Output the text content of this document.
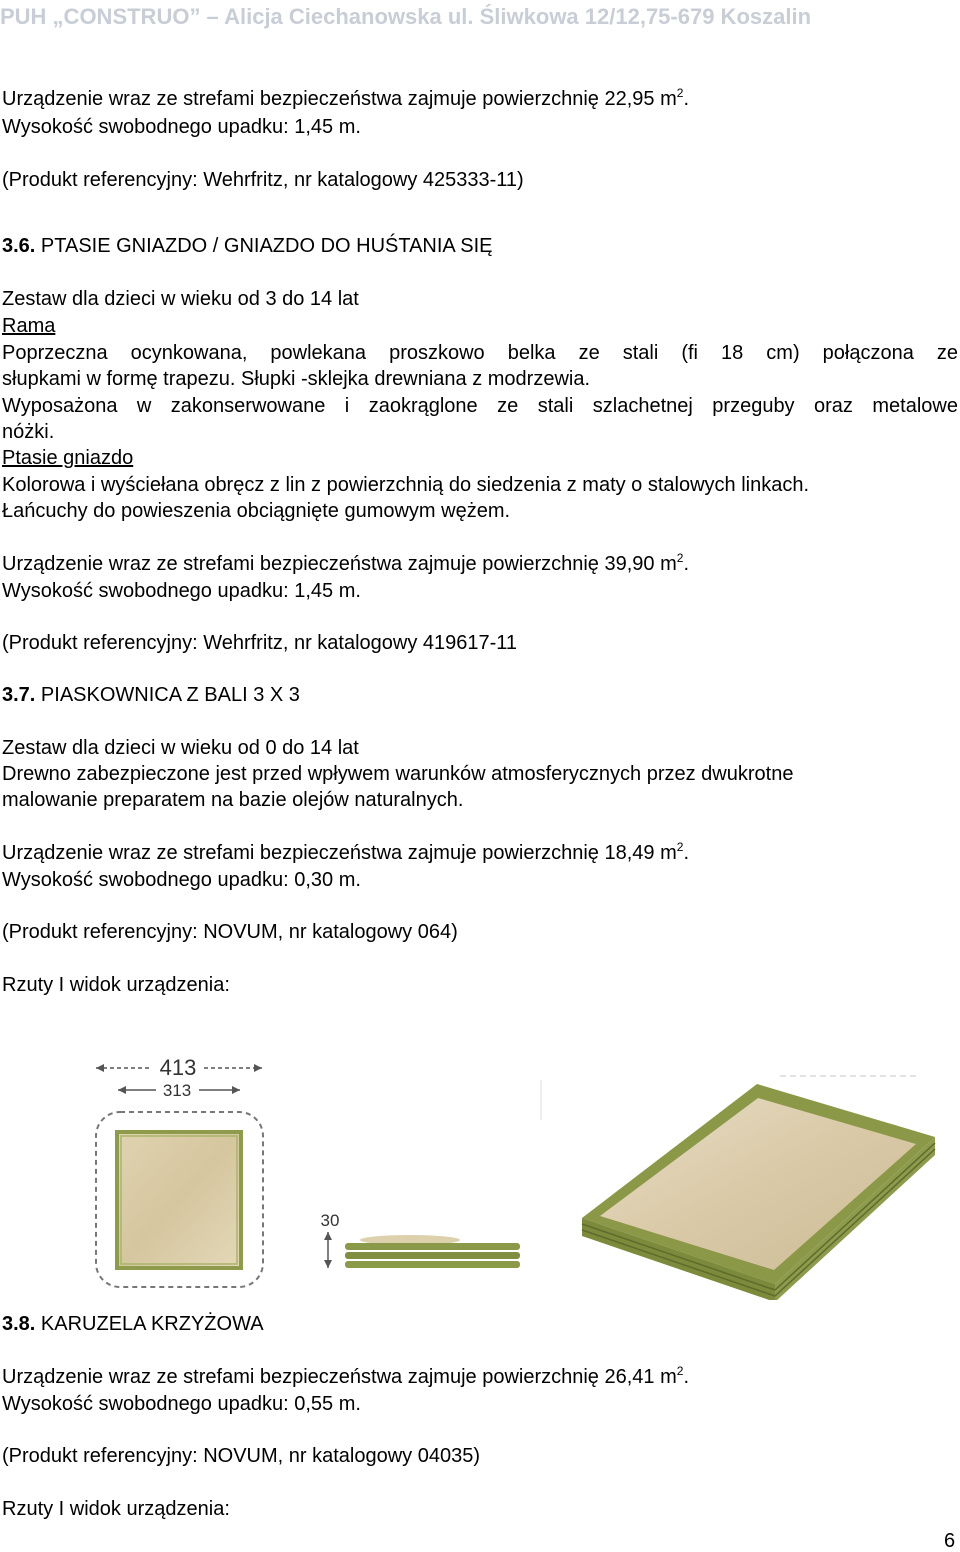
PUH „CONSTRUO” – Alicja Ciechanowska ul. Śliwkowa 12/12,75-679 Koszalin
Urządzenie wraz ze strefami bezpieczeństwa zajmuje powierzchnię 22,95 $m^2$.
Wysokość swobodnego upadku: 1,45 m.
(Produkt referencyjny: Wehrfritz, nr katalogowy 425333-11)
3.6. PTASIE GNIAZDO / GNIAZDO DO HUŚTANIA SIĘ
Zestaw dla dzieci w wieku od 3 do 14 lat
Rama
Poprzeczna ocynkowana, powlekana proszkowo belka ze stali (fi 18 cm) połączona ze
słupkami w formę trapezu. Słupki -sklejka drewniana z modrzewia.
Wyposażona w zakonserwowane i zaokrąglone ze stali szlachetnej przeguby oraz metalowe
nóżki.
Ptasie gniazdo
Kolorowa i wyściełana obręcz z lin z powierzchnią do siedzenia z maty o stalowych linkach.
Łańcuchy do powieszenia obciągnięte gumowym wężem.
Urządzenie wraz ze strefami bezpieczeństwa zajmuje powierzchnię 39,90 $m^2$.
Wysokość swobodnego upadku: 1,45 m.
(Produkt referencyjny: Wehrfritz, nr katalogowy 419617-11
3.7. PIASKOWNICA Z BALI 3 X 3
Zestaw dla dzieci w wieku od 0 do 14 lat
Drewno zabezpieczone jest przed wpływem warunków atmosferycznych przez dwukrotne
malowanie preparatem na bazie olejów naturalnych.
Urządzenie wraz ze strefami bezpieczeństwa zajmuje powierzchnię 18,49 $m^2$.
Wysokość swobodnego upadku: 0,30 m.
(Produkt referencyjny: NOVUM, nr katalogowy 064)
Rzuty I widok urządzenia:
413
313
30
3.8. KARUZELA KRZYŻOWA
Urządzenie wraz ze strefami bezpieczeństwa zajmuje powierzchnię 26,41 $m^2$.
Wysokość swobodnego upadku: 0,55 m.
(Produkt referencyjny: NOVUM, nr katalogowy 04035)
Rzuty I widok urządzenia:
6
